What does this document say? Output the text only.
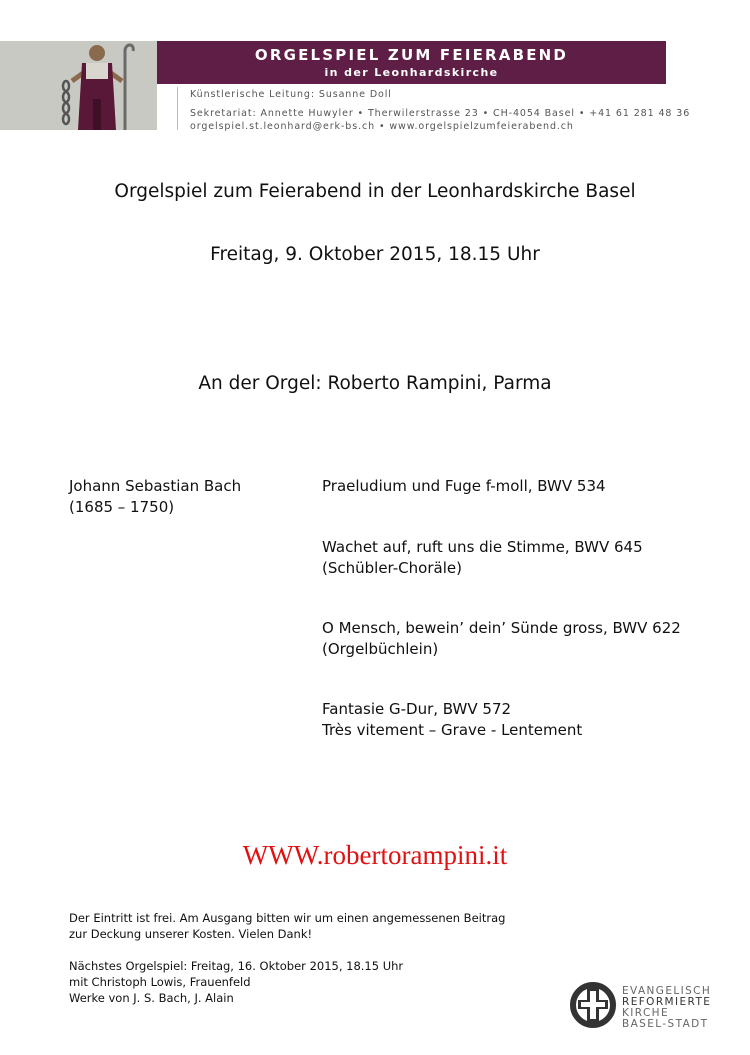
ORGELSPIEL ZUM FEIERABEND
in der Leonhardskirche
Künstlerische Leitung: Susanne Doll
Sekretariat: Annette Huwyler • Therwilerstrasse 23 • CH-4054 Basel • +41 61 281 48 36
orgelspiel.st.leonhard@erk-bs.ch • www.orgelspielzumfeierabend.ch
Orgelspiel zum Feierabend in der Leonhardskirche Basel
Freitag, 9. Oktober 2015, 18.15 Uhr
An der Orgel: Roberto Rampini, Parma
Johann Sebastian Bach
(1685 – 1750)
Praeludium und Fuge f-moll, BWV 534
Wachet auf, ruft uns die Stimme, BWV 645
(Schübler-Choräle)
O Mensch, bewein’ dein’ Sünde gross, BWV 622
(Orgelbüchlein)
Fantasie G-Dur, BWV 572
Très vitement – Grave - Lentement
WWW.robertorampini.it
Der Eintritt ist frei. Am Ausgang bitten wir um einen angemessenen Beitrag
zur Deckung unserer Kosten. Vielen Dank!
Nächstes Orgelspiel: Freitag, 16. Oktober 2015, 18.15 Uhr
mit Christoph Lowis, Frauenfeld
Werke von J. S. Bach, J. Alain	EVANGELISCH
REFORMIERTE
KIRCHE
BASEL-STADT
